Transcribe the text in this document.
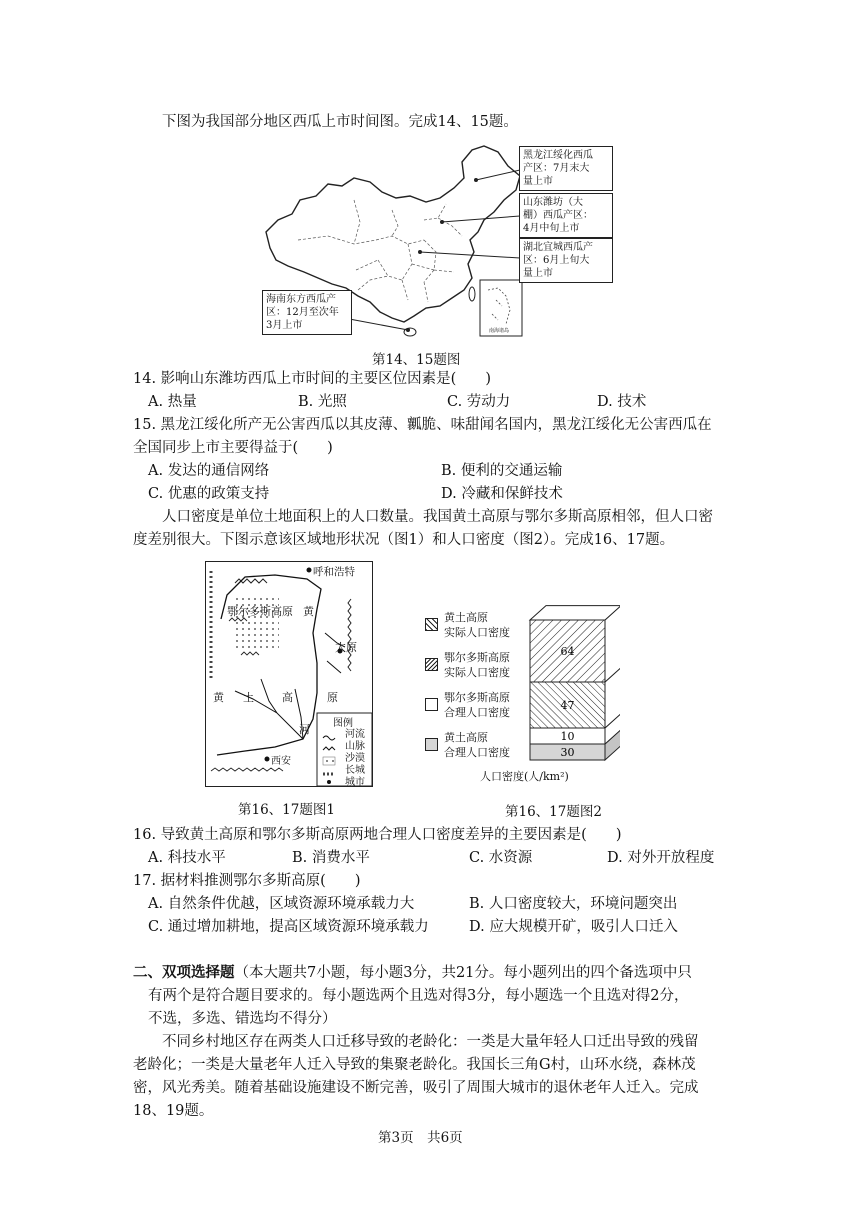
下图为我国部分地区西瓜上市时间图。完成14、15题。
南海诸岛
黑龙江绥化西瓜
产区：7月末大
量上市
山东潍坊（大
棚）西瓜产区：
4月中旬上市
湖北宜城西瓜产
区：6月上旬大
量上市
海南东方西瓜产
区：12月至次年
3月上市
第14、15题图
14. 影响山东潍坊西瓜上市时间的主要区位因素是(　　)
A. 热量	B. 光照	C. 劳动力	D. 技术
15. 黑龙江绥化所产无公害西瓜以其皮薄、瓤脆、味甜闻名国内，黑龙江绥化无公害西瓜在
全国同步上市主要得益于(　　)
A. 发达的通信网络	B. 便利的交通运输
C. 优惠的政策支持	D. 冷藏和保鲜技术
人口密度是单位土地面积上的人口数量。我国黄土高原与鄂尔多斯高原相邻，但人口密
度差别很大。下图示意该区域地形状况（图1）和人口密度（图2）。完成16、17题。
呼和浩特
鄂尔多斯高原 黄
太原
黄 土	高	原
河
西安
图例
河流
山脉
沙漠
长城
城市
第16、17题图1
30
10
47
64
黄土高原
实际人口密度
鄂尔多斯高原
实际人口密度
鄂尔多斯高原
合理人口密度
黄土高原
合理人口密度
人口密度(人/km²)
第16、17题图2
16. 导致黄土高原和鄂尔多斯高原两地合理人口密度差异的主要因素是(　　)
A. 科技水平	B. 消费水平	C. 水资源	D. 对外开放程度
17. 据材料推测鄂尔多斯高原(　　)
A. 自然条件优越，区域资源环境承载力大	B. 人口密度较大，环境问题突出
C. 通过增加耕地，提高区域资源环境承载力	D. 应大规模开矿，吸引人口迁入
二、双项选择题（本大题共7小题，每小题3分，共21分。每小题列出的四个备选项中只
有两个是符合题目要求的。每小题选两个且选对得3分，每小题选一个且选对得2分，
不选，多选、错选均不得分）
不同乡村地区存在两类人口迁移导致的老龄化：一类是大量年轻人口迁出导致的残留
老龄化；一类是大量老年人迁入导致的集聚老龄化。我国长三角G村，山环水绕，森林茂
密，风光秀美。随着基础设施建设不断完善，吸引了周围大城市的退休老年人迁入。完成
18、19题。
第3页　共6页
